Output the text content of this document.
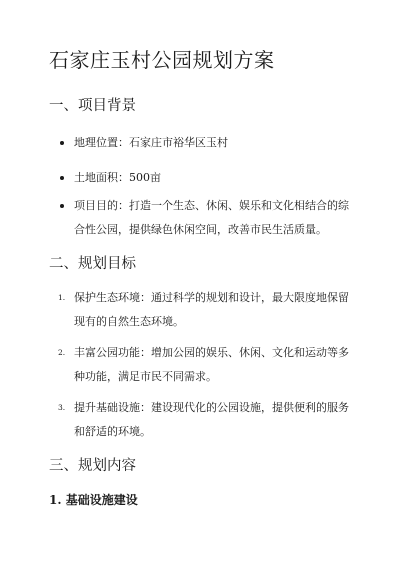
石家庄玉村公园规划方案
一、项目背景

地理位置：石家庄市裕华区玉村

土地面积：500亩

项目目的：打造一个生态、休闲、娱乐和文化相结合的综合性公园，提供绿色休闲空间，改善市民生活质量。

二、规划目标
1. 保护生态环境：通过科学的规划和设计，最大限度地保留现有的自然生态环境。

2. 丰富公园功能：增加公园的娱乐、休闲、文化和运动等多种功能，满足市民不同需求。

3. 提升基础设施：建设现代化的公园设施，提供便利的服务和舒适的环境。

三、规划内容
1. 基础设施建设
